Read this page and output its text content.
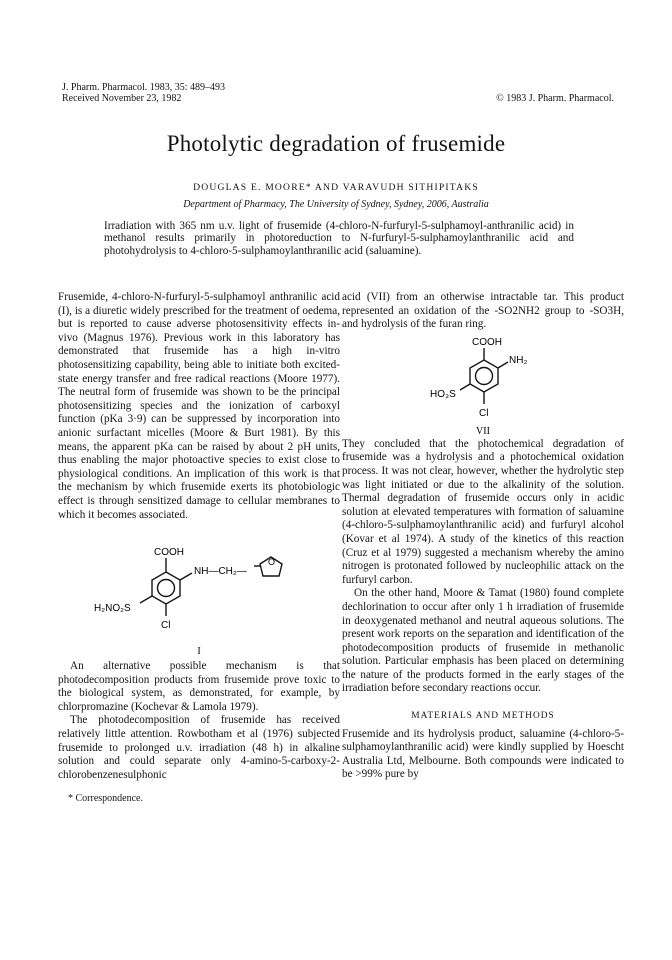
J. Pharm. Pharmacol. 1983, 35: 489–493
Received November 23, 1982	© 1983 J. Pharm. Pharmacol.
Photolytic degradation of frusemide
DOUGLAS E. MOORE* AND VARAVUDH SITHIPITAKS
Department of Pharmacy, The University of Sydney, Sydney, 2006, Australia
Irradiation with 365 nm u.v. light of frusemide (4-chloro-N-furfuryl-5-sulphamoyl-anthranilic acid) in methanol results primarily in photoreduction to N-furfuryl-5-sulphamoylanthranilic acid and photohydrolysis to 4-chloro-5-sulphamoylanthranilic acid (saluamine).

Frusemide, 4-chloro-N-furfuryl-5-sulphamoyl anthranilic acid (I), is a diuretic widely prescribed for the treatment of oedema, but is reported to cause adverse photosensitivity effects in-vivo (Magnus 1976). Previous work in this laboratory has demonstrated that frusemide has a high in-vitro photosensitizing capability, being able to initiate both excited-state energy transfer and free radical reactions (Moore 1977). The neutral form of frusemide was shown to be the principal photosensitizing species and the ionization of carboxyl function (pKa 3·9) can be suppressed by incorporation into anionic surfactant micelles (Moore & Burt 1981). By this means, the apparent pKa can be raised by about 2 pH units, thus enabling the major photoactive species to exist close to physiological conditions. An implication of this work is that the mechanism by which frusemide exerts its photobiologic effect is through sensitized damage to cellular membranes to which it becomes associated.

COOH
NH—CH₂—
O
H₂NO₂S
Cl
I

An alternative possible mechanism is that photodecomposition products from frusemide prove toxic to the biological system, as demonstrated, for example, by chlorpromazine (Kochevar & Lamola 1979).

The photodecomposition of frusemide has received relatively little attention. Rowbotham et al (1976) subjected frusemide to prolonged u.v. irradiation (48 h) in alkaline solution and could separate only 4-amino-5-carboxy-2-chlorobenzenesulphonic

* Correspondence.

acid (VII) from an otherwise intractable tar. This product represented an oxidation of the -SO2NH2 group to -SO3H, and hydrolysis of the furan ring.

COOH
NH₂
HO₃S
Cl
VII

They concluded that the photochemical degradation of frusemide was a hydrolysis and a photochemical oxidation process. It was not clear, however, whether the hydrolytic step was light initiated or due to the alkalinity of the solution. Thermal degradation of frusemide occurs only in acidic solution at elevated temperatures with formation of saluamine (4-chloro-5-sulphamoylanthranilic acid) and furfuryl alcohol (Kovar et al 1974). A study of the kinetics of this reaction (Cruz et al 1979) suggested a mechanism whereby the amino nitrogen is protonated followed by nucleophilic attack on the furfuryl carbon.

On the other hand, Moore & Tamat (1980) found complete dechlorination to occur after only 1 h irradiation of frusemide in deoxygenated methanol and neutral aqueous solutions. The present work reports on the separation and identification of the photodecomposition products of frusemide in methanolic solution. Particular emphasis has been placed on determining the nature of the products formed in the early stages of the irradiation before secondary reactions occur.

MATERIALS AND METHODS

Frusemide and its hydrolysis product, saluamine (4-chloro-5-sulphamoylanthranilic acid) were kindly supplied by Hoescht Australia Ltd, Melbourne. Both compounds were indicated to be >99% pure by
